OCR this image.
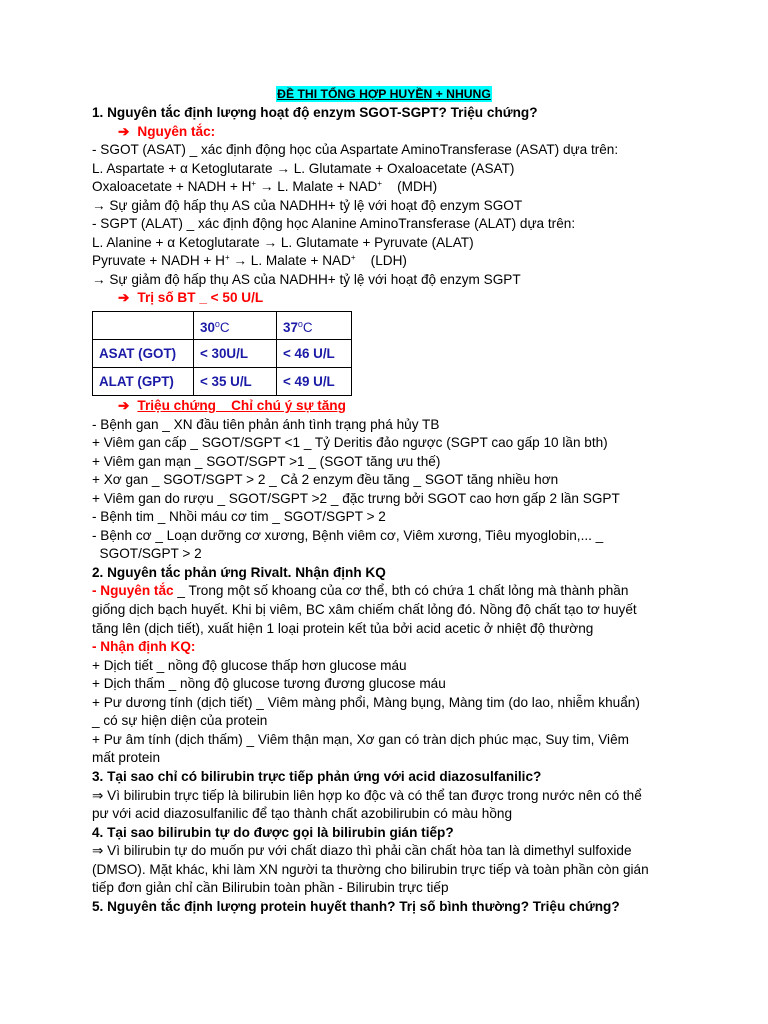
ĐỀ THI TỔNG HỢP HUYỀN + NHUNG
1. Nguyên tắc định lượng hoạt độ enzym SGOT-SGPT? Triệu chứng?
➔ Nguyên tắc:
- SGOT (ASAT) _ xác định động học của Aspartate AminoTransferase (ASAT) dựa trên:
L. Aspartate + α Ketoglutarate → L. Glutamate + Oxaloacetate (ASAT)
Oxaloacetate + NADH + H+ → L. Malate + NAD+    (MDH)
→ Sự giảm độ hấp thụ AS của NADHH+ tỷ lệ với hoạt độ enzym SGOT
- SGPT (ALAT) _ xác định động học Alanine AminoTransferase (ALAT) dựa trên:
L. Alanine + α Ketoglutarate → L. Glutamate + Pyruvate (ALAT)
Pyruvate + NADH + H+ → L. Malate + NAD+    (LDH)
→ Sự giảm độ hấp thụ AS của NADHH+ tỷ lệ với hoạt độ enzym SGPT
➔ Trị số BT _ < 50 U/L
	30$^o$C	37$^o$C
ASAT (GOT)	< 30U/L	< 46 U/L
ALAT (GPT)	< 35 U/L	< 49 U/L
➔ Triệu chứng _ Chỉ chú ý sự tăng
- Bệnh gan _ XN đầu tiên phản ánh tình trạng phá hủy TB
+ Viêm gan cấp _ SGOT/SGPT <1 _ Tỷ Deritis đảo ngược (SGPT cao gấp 10 lần bth)
+ Viêm gan mạn _ SGOT/SGPT >1 _ (SGOT tăng ưu thế)
+ Xơ gan _ SGOT/SGPT > 2 _ Cả 2 enzym đều tăng _ SGOT tăng nhiều hơn
+ Viêm gan do rượu _ SGOT/SGPT >2 _ đặc trưng bởi SGOT cao hơn gấp 2 lần SGPT
- Bệnh tim _ Nhồi máu cơ tim _ SGOT/SGPT > 2
- Bệnh cơ _ Loạn dưỡng cơ xương, Bệnh viêm cơ, Viêm xương, Tiêu myoglobin,... _
SGOT/SGPT > 2
2. Nguyên tắc phản ứng Rivalt. Nhận định KQ
- Nguyên tắc _ Trong một số khoang của cơ thể, bth có chứa 1 chất lỏng mà thành phần
giống dịch bạch huyết. Khi bị viêm, BC xâm chiếm chất lỏng đó. Nồng độ chất tạo tơ huyết
tăng lên (dịch tiết), xuất hiện 1 loại protein kết tủa bởi acid acetic ở nhiệt độ thường
- Nhận định KQ:
+ Dịch tiết _ nồng độ glucose thấp hơn glucose máu
+ Dịch thấm _ nồng độ glucose tương đương glucose máu
+ Pư dương tính (dịch tiết) _ Viêm màng phổi, Màng bụng, Màng tim (do lao, nhiễm khuẩn)
_ có sự hiện diện của protein
+ Pư âm tính (dịch thấm) _ Viêm thận mạn, Xơ gan có tràn dịch phúc mạc, Suy tim, Viêm
mất protein
3. Tại sao chỉ có bilirubin trực tiếp phản ứng với acid diazosulfanilic?
⇒ Vì bilirubin trực tiếp là bilirubin liên hợp ko độc và có thể tan được trong nước nên có thể
pư với acid diazosulfanilic để tạo thành chất azobilirubin có màu hồng
4. Tại sao bilirubin tự do được gọi là bilirubin gián tiếp?
⇒ Vì bilirubin tự do muốn pư với chất diazo thì phải cần chất hòa tan là dimethyl sulfoxide
(DMSO). Mặt khác, khi làm XN người ta thường cho bilirubin trực tiếp và toàn phần còn gián
tiếp đơn giản chỉ cần Bilirubin toàn phần - Bilirubin trực tiếp
5. Nguyên tắc định lượng protein huyết thanh? Trị số bình thường? Triệu chứng?
